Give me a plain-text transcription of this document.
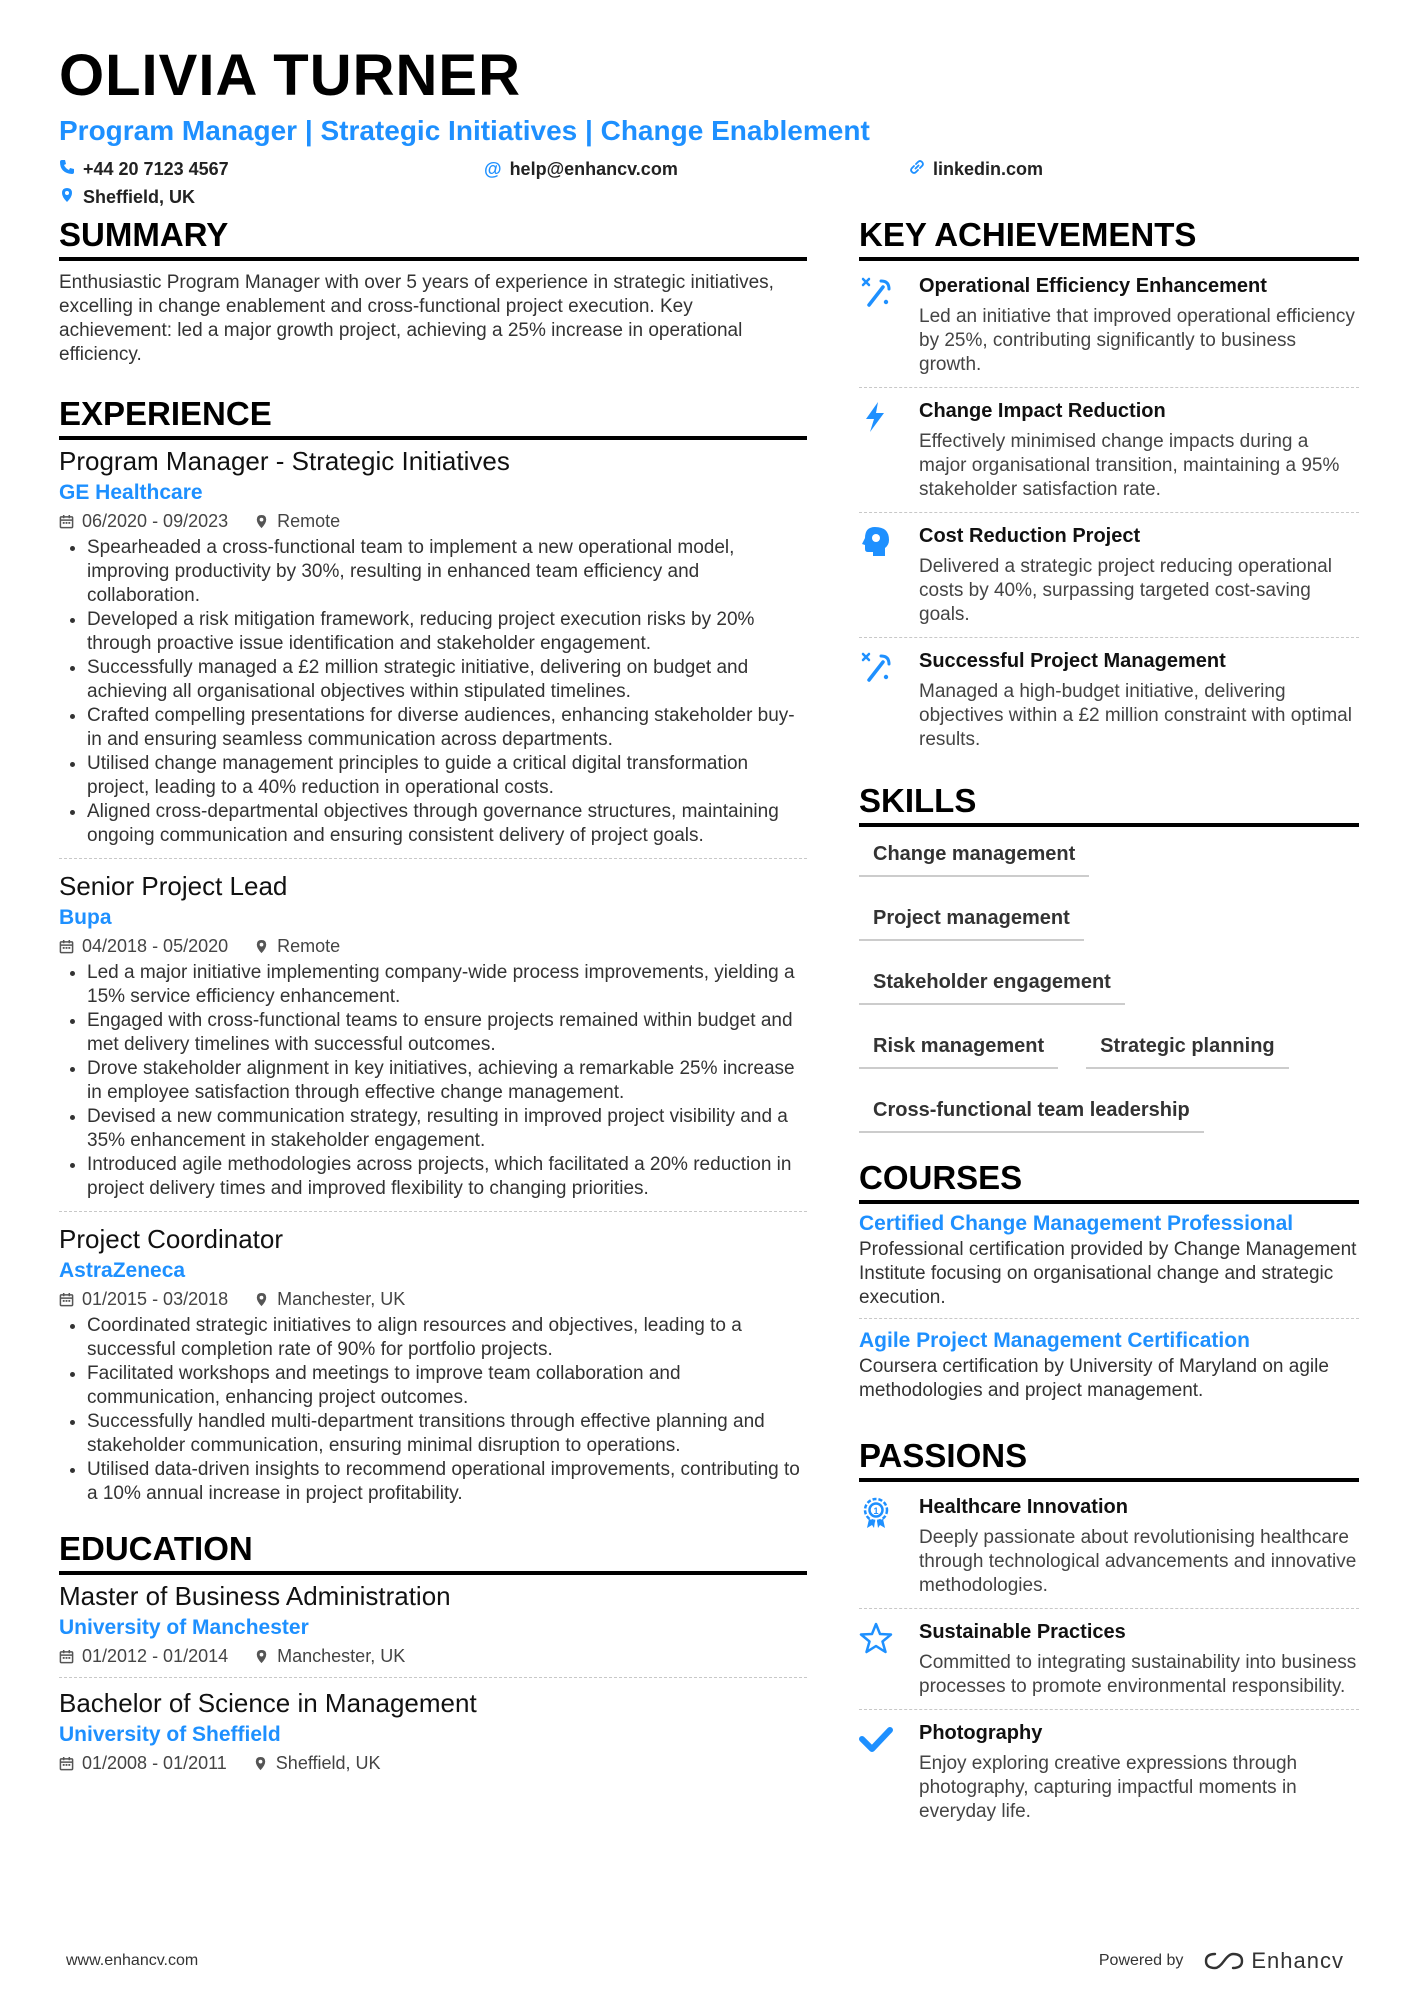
OLIVIA TURNER
Program Manager | Strategic Initiatives | Change Enablement
+44 20 7123 4567	@ help@enhancv.com	linkedin.com
Sheffield, UK
SUMMARY
Enthusiastic Program Manager with over 5 years of experience in strategic initiatives, excelling in change enablement and cross-functional project execution. Key achievement: led a major growth project, achieving a 25% increase in operational efficiency.
EXPERIENCE
Program Manager - Strategic Initiatives
GE Healthcare
06/2020 - 09/2023	Remote
• Spearheaded a cross-functional team to implement a new operational model, improving productivity by 30%, resulting in enhanced team efficiency and collaboration.
• Developed a risk mitigation framework, reducing project execution risks by 20% through proactive issue identification and stakeholder engagement.
• Successfully managed a £2 million strategic initiative, delivering on budget and achieving all organisational objectives within stipulated timelines.
• Crafted compelling presentations for diverse audiences, enhancing stakeholder buy-in and ensuring seamless communication across departments.
• Utilised change management principles to guide a critical digital transformation project, leading to a 40% reduction in operational costs.
• Aligned cross-departmental objectives through governance structures, maintaining ongoing communication and ensuring consistent delivery of project goals.
Senior Project Lead
Bupa
04/2018 - 05/2020	Remote
• Led a major initiative implementing company-wide process improvements, yielding a 15% service efficiency enhancement.
• Engaged with cross-functional teams to ensure projects remained within budget and met delivery timelines with successful outcomes.
• Drove stakeholder alignment in key initiatives, achieving a remarkable 25% increase in employee satisfaction through effective change management.
• Devised a new communication strategy, resulting in improved project visibility and a 35% enhancement in stakeholder engagement.
• Introduced agile methodologies across projects, which facilitated a 20% reduction in project delivery times and improved flexibility to changing priorities.
Project Coordinator
AstraZeneca
01/2015 - 03/2018	Manchester, UK
• Coordinated strategic initiatives to align resources and objectives, leading to a successful completion rate of 90% for portfolio projects.
• Facilitated workshops and meetings to improve team collaboration and communication, enhancing project outcomes.
• Successfully handled multi-department transitions through effective planning and stakeholder communication, ensuring minimal disruption to operations.
• Utilised data-driven insights to recommend operational improvements, contributing to a 10% annual increase in project profitability.
EDUCATION
Master of Business Administration
University of Manchester
01/2012 - 01/2014	Manchester, UK
Bachelor of Science in Management
University of Sheffield
01/2008 - 01/2011	Sheffield, UK
KEY ACHIEVEMENTS
Operational Efficiency Enhancement
Led an initiative that improved operational efficiency by 25%, contributing significantly to business growth.
Change Impact Reduction
Effectively minimised change impacts during a major organisational transition, maintaining a 95% stakeholder satisfaction rate.
Cost Reduction Project
Delivered a strategic project reducing operational costs by 40%, surpassing targeted cost-saving goals.
Successful Project Management
Managed a high-budget initiative, delivering objectives within a £2 million constraint with optimal results.
SKILLS
Change management
Project management
Stakeholder engagement
Risk management	Strategic planning
Cross-functional team leadership
COURSES
Certified Change Management Professional
Professional certification provided by Change Management Institute focusing on organisational change and strategic execution.
Agile Project Management Certification
Coursera certification by University of Maryland on agile methodologies and project management.
PASSIONS
1 Healthcare Innovation
Deeply passionate about revolutionising healthcare through technological advancements and innovative methodologies.
Sustainable Practices
Committed to integrating sustainability into business processes to promote environmental responsibility.
Photography
Enjoy exploring creative expressions through photography, capturing impactful moments in everyday life.
www.enhancv.com	Powered by	Enhancv
